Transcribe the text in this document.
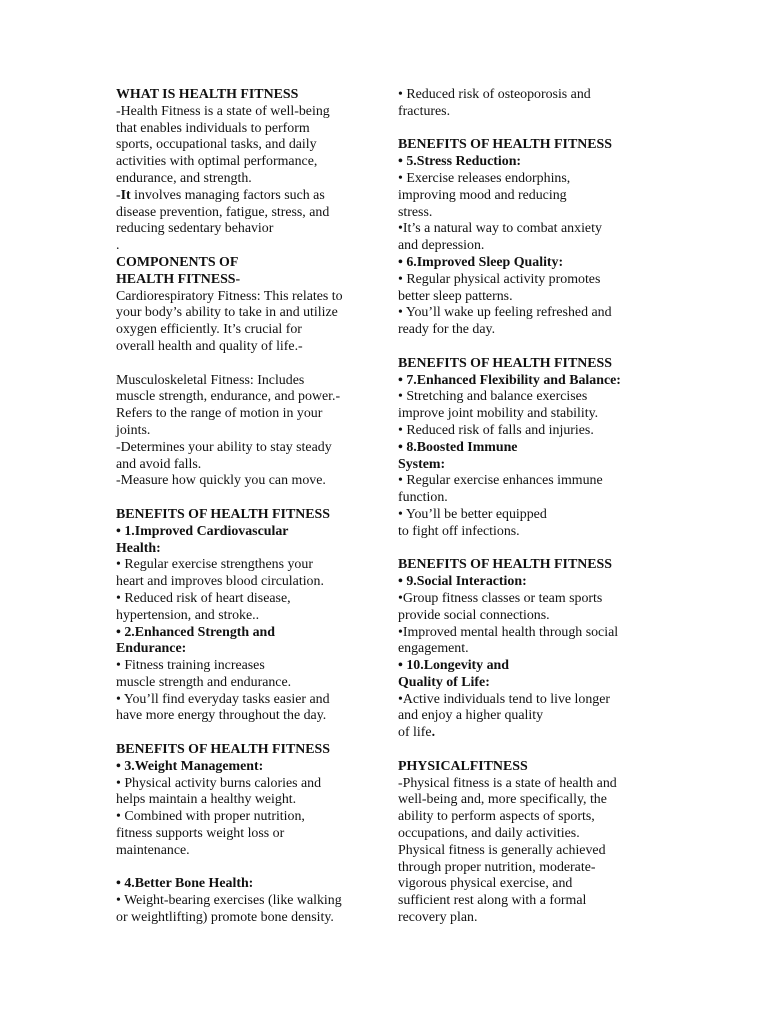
WHAT IS HEALTH FITNESS
-Health Fitness is a state of well-being
that enables individuals to perform
sports, occupational tasks, and daily
activities with optimal performance,
endurance, and strength.
-It involves managing factors such as
disease prevention, fatigue, stress, and
reducing sedentary behavior
.
COMPONENTS OF
HEALTH FITNESS-
Cardiorespiratory Fitness: This relates to
your body’s ability to take in and utilize
oxygen efficiently. It’s crucial for
overall health and quality of life.-
Musculoskeletal Fitness: Includes
muscle strength, endurance, and power.-
Refers to the range of motion in your
joints.
-Determines your ability to stay steady
and avoid falls.
-Measure how quickly you can move.
BENEFITS OF HEALTH FITNESS
• 1.Improved Cardiovascular
Health:
• Regular exercise strengthens your
heart and improves blood circulation.
• Reduced risk of heart disease,
hypertension, and stroke..
• 2.Enhanced Strength and
Endurance:
• Fitness training increases
muscle strength and endurance.
• You’ll find everyday tasks easier and
have more energy throughout the day.
BENEFITS OF HEALTH FITNESS
• 3.Weight Management:
• Physical activity burns calories and
helps maintain a healthy weight.
• Combined with proper nutrition,
fitness supports weight loss or
maintenance.
• 4.Better Bone Health:
• Weight-bearing exercises (like walking
or weightlifting) promote bone density.
• Reduced risk of osteoporosis and
fractures.
BENEFITS OF HEALTH FITNESS
• 5.Stress Reduction:
• Exercise releases endorphins,
improving mood and reducing
stress.
•It’s a natural way to combat anxiety
and depression.
• 6.Improved Sleep Quality:
• Regular physical activity promotes
better sleep patterns.
• You’ll wake up feeling refreshed and
ready for the day.
BENEFITS OF HEALTH FITNESS
• 7.Enhanced Flexibility and Balance:
• Stretching and balance exercises
improve joint mobility and stability.
• Reduced risk of falls and injuries.
• 8.Boosted Immune
System:
• Regular exercise enhances immune
function.
• You’ll be better equipped
to fight off infections.
BENEFITS OF HEALTH FITNESS
• 9.Social Interaction:
•Group fitness classes or team sports
provide social connections.
•Improved mental health through social
engagement.
• 10.Longevity and
Quality of Life:
•Active individuals tend to live longer
and enjoy a higher quality
of life.
PHYSICALFITNESS
-Physical fitness is a state of health and
well-being and, more specifically, the
ability to perform aspects of sports,
occupations, and daily activities.
Physical fitness is generally achieved
through proper nutrition, moderate-
vigorous physical exercise, and
sufficient rest along with a formal
recovery plan.
